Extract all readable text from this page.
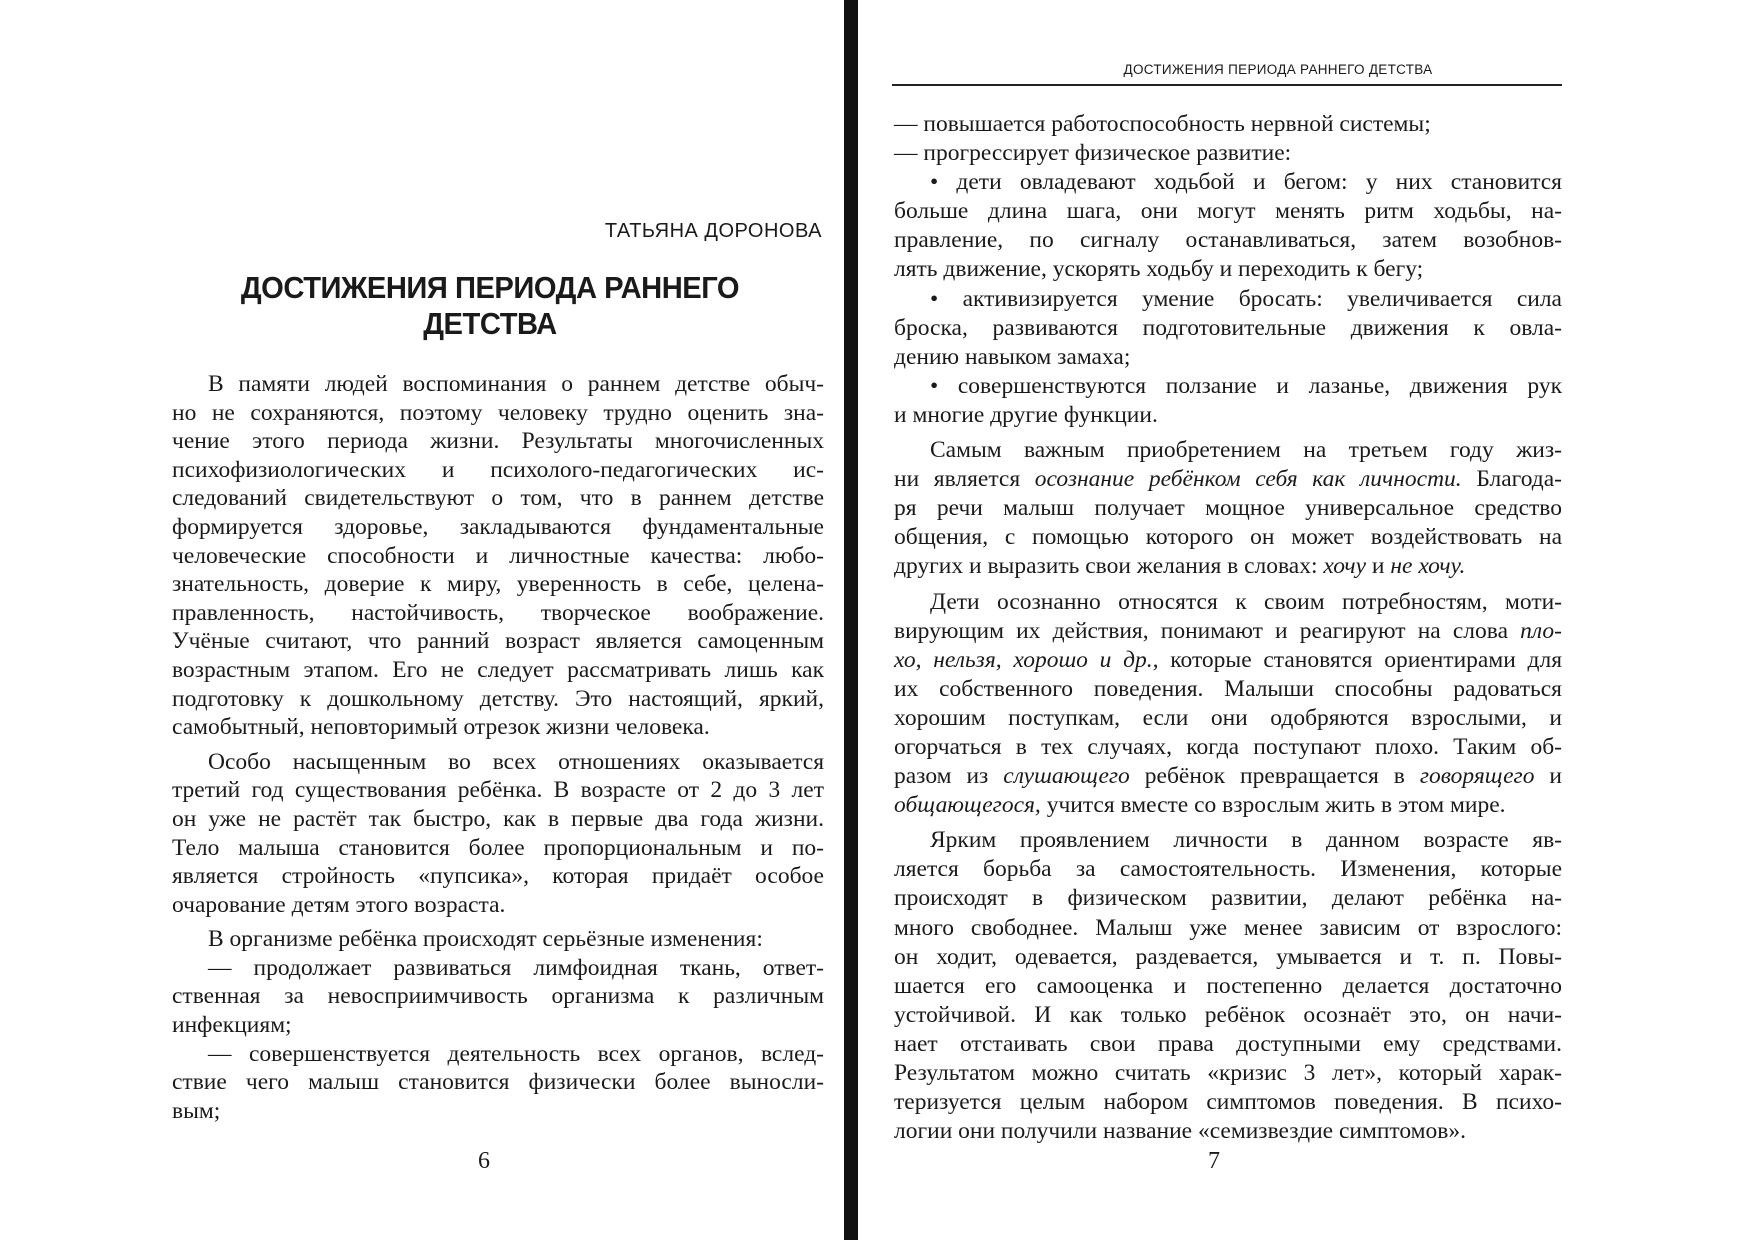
ТАТЬЯНА ДОРОНОВА
ДОСТИЖЕНИЯ ПЕРИОДА РАННЕГО ДЕТСТВА
В памяти людей воспоминания о раннем детстве обыч-
но не сохраняются, поэтому человеку трудно оценить зна-
чение этого периода жизни. Результаты многочисленных
психофизиологических и психолого-педагогических ис-
следований свидетельствуют о том, что в раннем детстве
формируется здоровье, закладываются фундаментальные
человеческие способности и личностные качества: любо-
знательность, доверие к миру, уверенность в себе, целена-
правленность, настойчивость, творческое воображение.
Учёные считают, что ранний возраст является самоценным
возрастным этапом. Его не следует рассматривать лишь как
подготовку к дошкольному детству. Это настоящий, яркий,
самобытный, неповторимый отрезок жизни человека.
Особо насыщенным во всех отношениях оказывается
третий год существования ребёнка. В возрасте от 2 до 3 лет
он уже не растёт так быстро, как в первые два года жизни.
Тело малыша становится более пропорциональным и по-
является стройность «пупсика», которая придаёт особое
очарование детям этого возраста.
В организме ребёнка происходят серьёзные изменения:
— продолжает развиваться лимфоидная ткань, ответ-
ственная за невосприимчивость организма к различным
инфекциям;
— совершенствуется деятельность всех органов, вслед-
ствие чего малыш становится физически более выносли-
вым;
6
ДОСТИЖЕНИЯ ПЕРИОДА РАННЕГО ДЕТСТВА
— повышается работоспособность нервной системы;
— прогрессирует физическое развитие:
• дети овладевают ходьбой и бегом: у них становится
больше длина шага, они могут менять ритм ходьбы, на-
правление, по сигналу останавливаться, затем возобнов-
лять движение, ускорять ходьбу и переходить к бегу;
• активизируется умение бросать: увеличивается сила
броска, развиваются подготовительные движения к овла-
дению навыком замаха;
• совершенствуются ползание и лазанье, движения рук
и многие другие функции.
Самым важным приобретением на третьем году жиз-
ни является осознание ребёнком себя как личности. Благода-
ря речи малыш получает мощное универсальное средство
общения, с помощью которого он может воздействовать на
других и выразить свои желания в словах: хочу и не хочу.
Дети осознанно относятся к своим потребностям, моти-
вирующим их действия, понимают и реагируют на слова пло-
хо, нельзя, хорошо и др., которые становятся ориентирами для
их собственного поведения. Малыши способны радоваться
хорошим поступкам, если они одобряются взрослыми, и
огорчаться в тех случаях, когда поступают плохо. Таким об-
разом из слушающего ребёнок превращается в говорящего и
общающегося, учится вместе со взрослым жить в этом мире.
Ярким проявлением личности в данном возрасте яв-
ляется борьба за самостоятельность. Изменения, которые
происходят в физическом развитии, делают ребёнка на-
много свободнее. Малыш уже менее зависим от взрослого:
он ходит, одевается, раздевается, умывается и т. п. Повы-
шается его самооценка и постепенно делается достаточно
устойчивой. И как только ребёнок осознаёт это, он начи-
нает отстаивать свои права доступными ему средствами.
Результатом можно считать «кризис 3 лет», который харак-
теризуется целым набором симптомов поведения. В психо-
логии они получили название «семизвездие симптомов».
7
